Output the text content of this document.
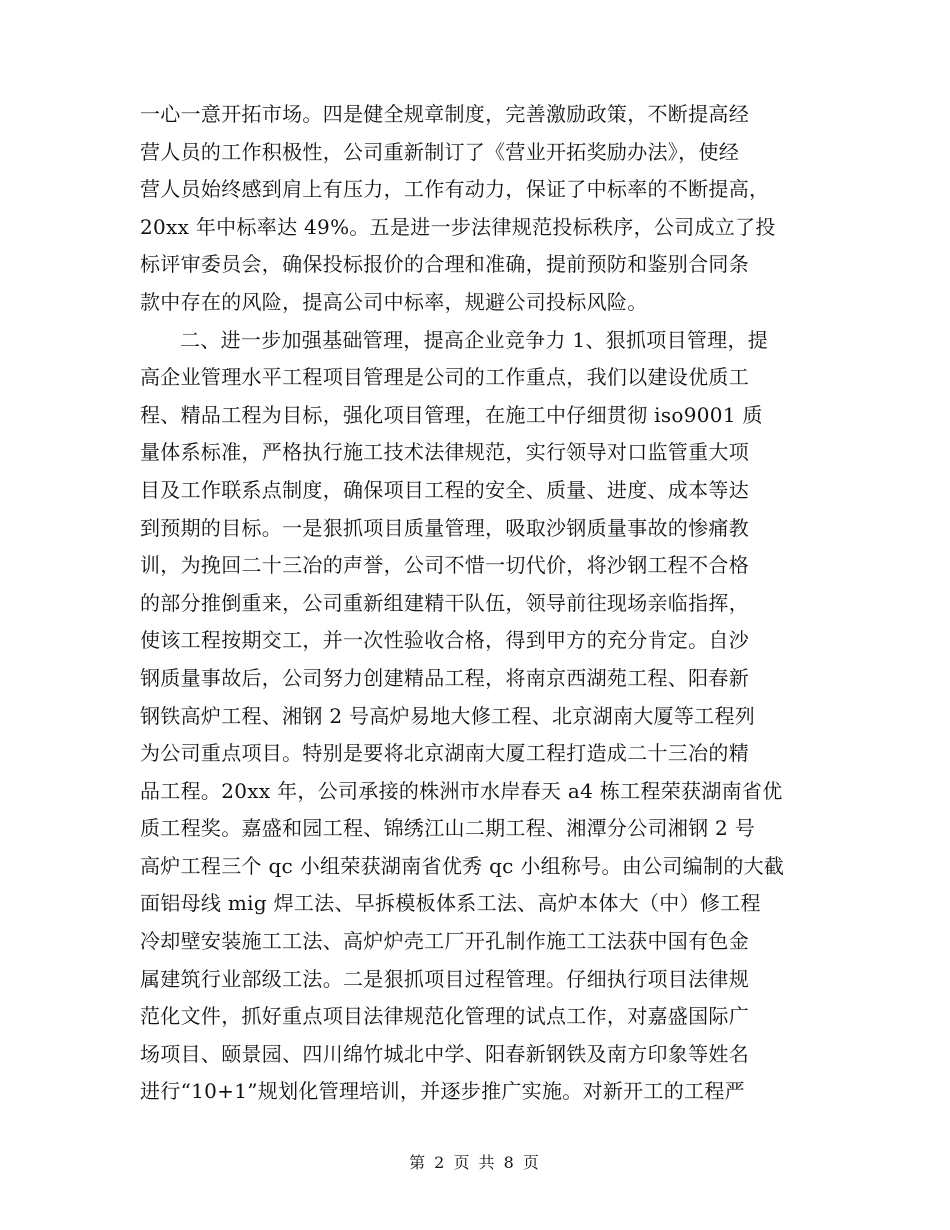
一心一意开拓市场。四是健全规章制度，完善激励政策，不断提高经
营人员的工作积极性，公司重新制订了《营业开拓奖励办法》，使经
营人员始终感到肩上有压力，工作有动力，保证了中标率的不断提高，
20xx 年中标率达 49%。五是进一步法律规范投标秩序，公司成立了投
标评审委员会，确保投标报价的合理和准确，提前预防和鉴别合同条
款中存在的风险，提高公司中标率，规避公司投标风险。
二、进一步加强基础管理，提高企业竞争力 1、狠抓项目管理，提
高企业管理水平工程项目管理是公司的工作重点，我们以建设优质工
程、精品工程为目标，强化项目管理，在施工中仔细贯彻 iso9001 质
量体系标准，严格执行施工技术法律规范，实行领导对口监管重大项
目及工作联系点制度，确保项目工程的安全、质量、进度、成本等达
到预期的目标。一是狠抓项目质量管理，吸取沙钢质量事故的惨痛教
训，为挽回二十三冶的声誉，公司不惜一切代价，将沙钢工程不合格
的部分推倒重来，公司重新组建精干队伍，领导前往现场亲临指挥，
使该工程按期交工，并一次性验收合格，得到甲方的充分肯定。自沙
钢质量事故后，公司努力创建精品工程，将南京西湖苑工程、阳春新
钢铁高炉工程、湘钢 2 号高炉易地大修工程、北京湖南大厦等工程列
为公司重点项目。特别是要将北京湖南大厦工程打造成二十三冶的精
品工程。20xx 年，公司承接的株洲市水岸春天 a4 栋工程荣获湖南省优
质工程奖。嘉盛和园工程、锦绣江山二期工程、湘潭分公司湘钢 2 号
高炉工程三个 qc 小组荣获湖南省优秀 qc 小组称号。由公司编制的大截
面铝母线 mig 焊工法、早拆模板体系工法、高炉本体大（中）修工程
冷却壁安装施工工法、高炉炉壳工厂开孔制作施工工法获中国有色金
属建筑行业部级工法。二是狠抓项目过程管理。仔细执行项目法律规
范化文件，抓好重点项目法律规范化管理的试点工作，对嘉盛国际广
场项目、颐景园、四川绵竹城北中学、阳春新钢铁及南方印象等姓名
进行“10+1”规划化管理培训，并逐步推广实施。对新开工的工程严
第 2 页 共 8 页
